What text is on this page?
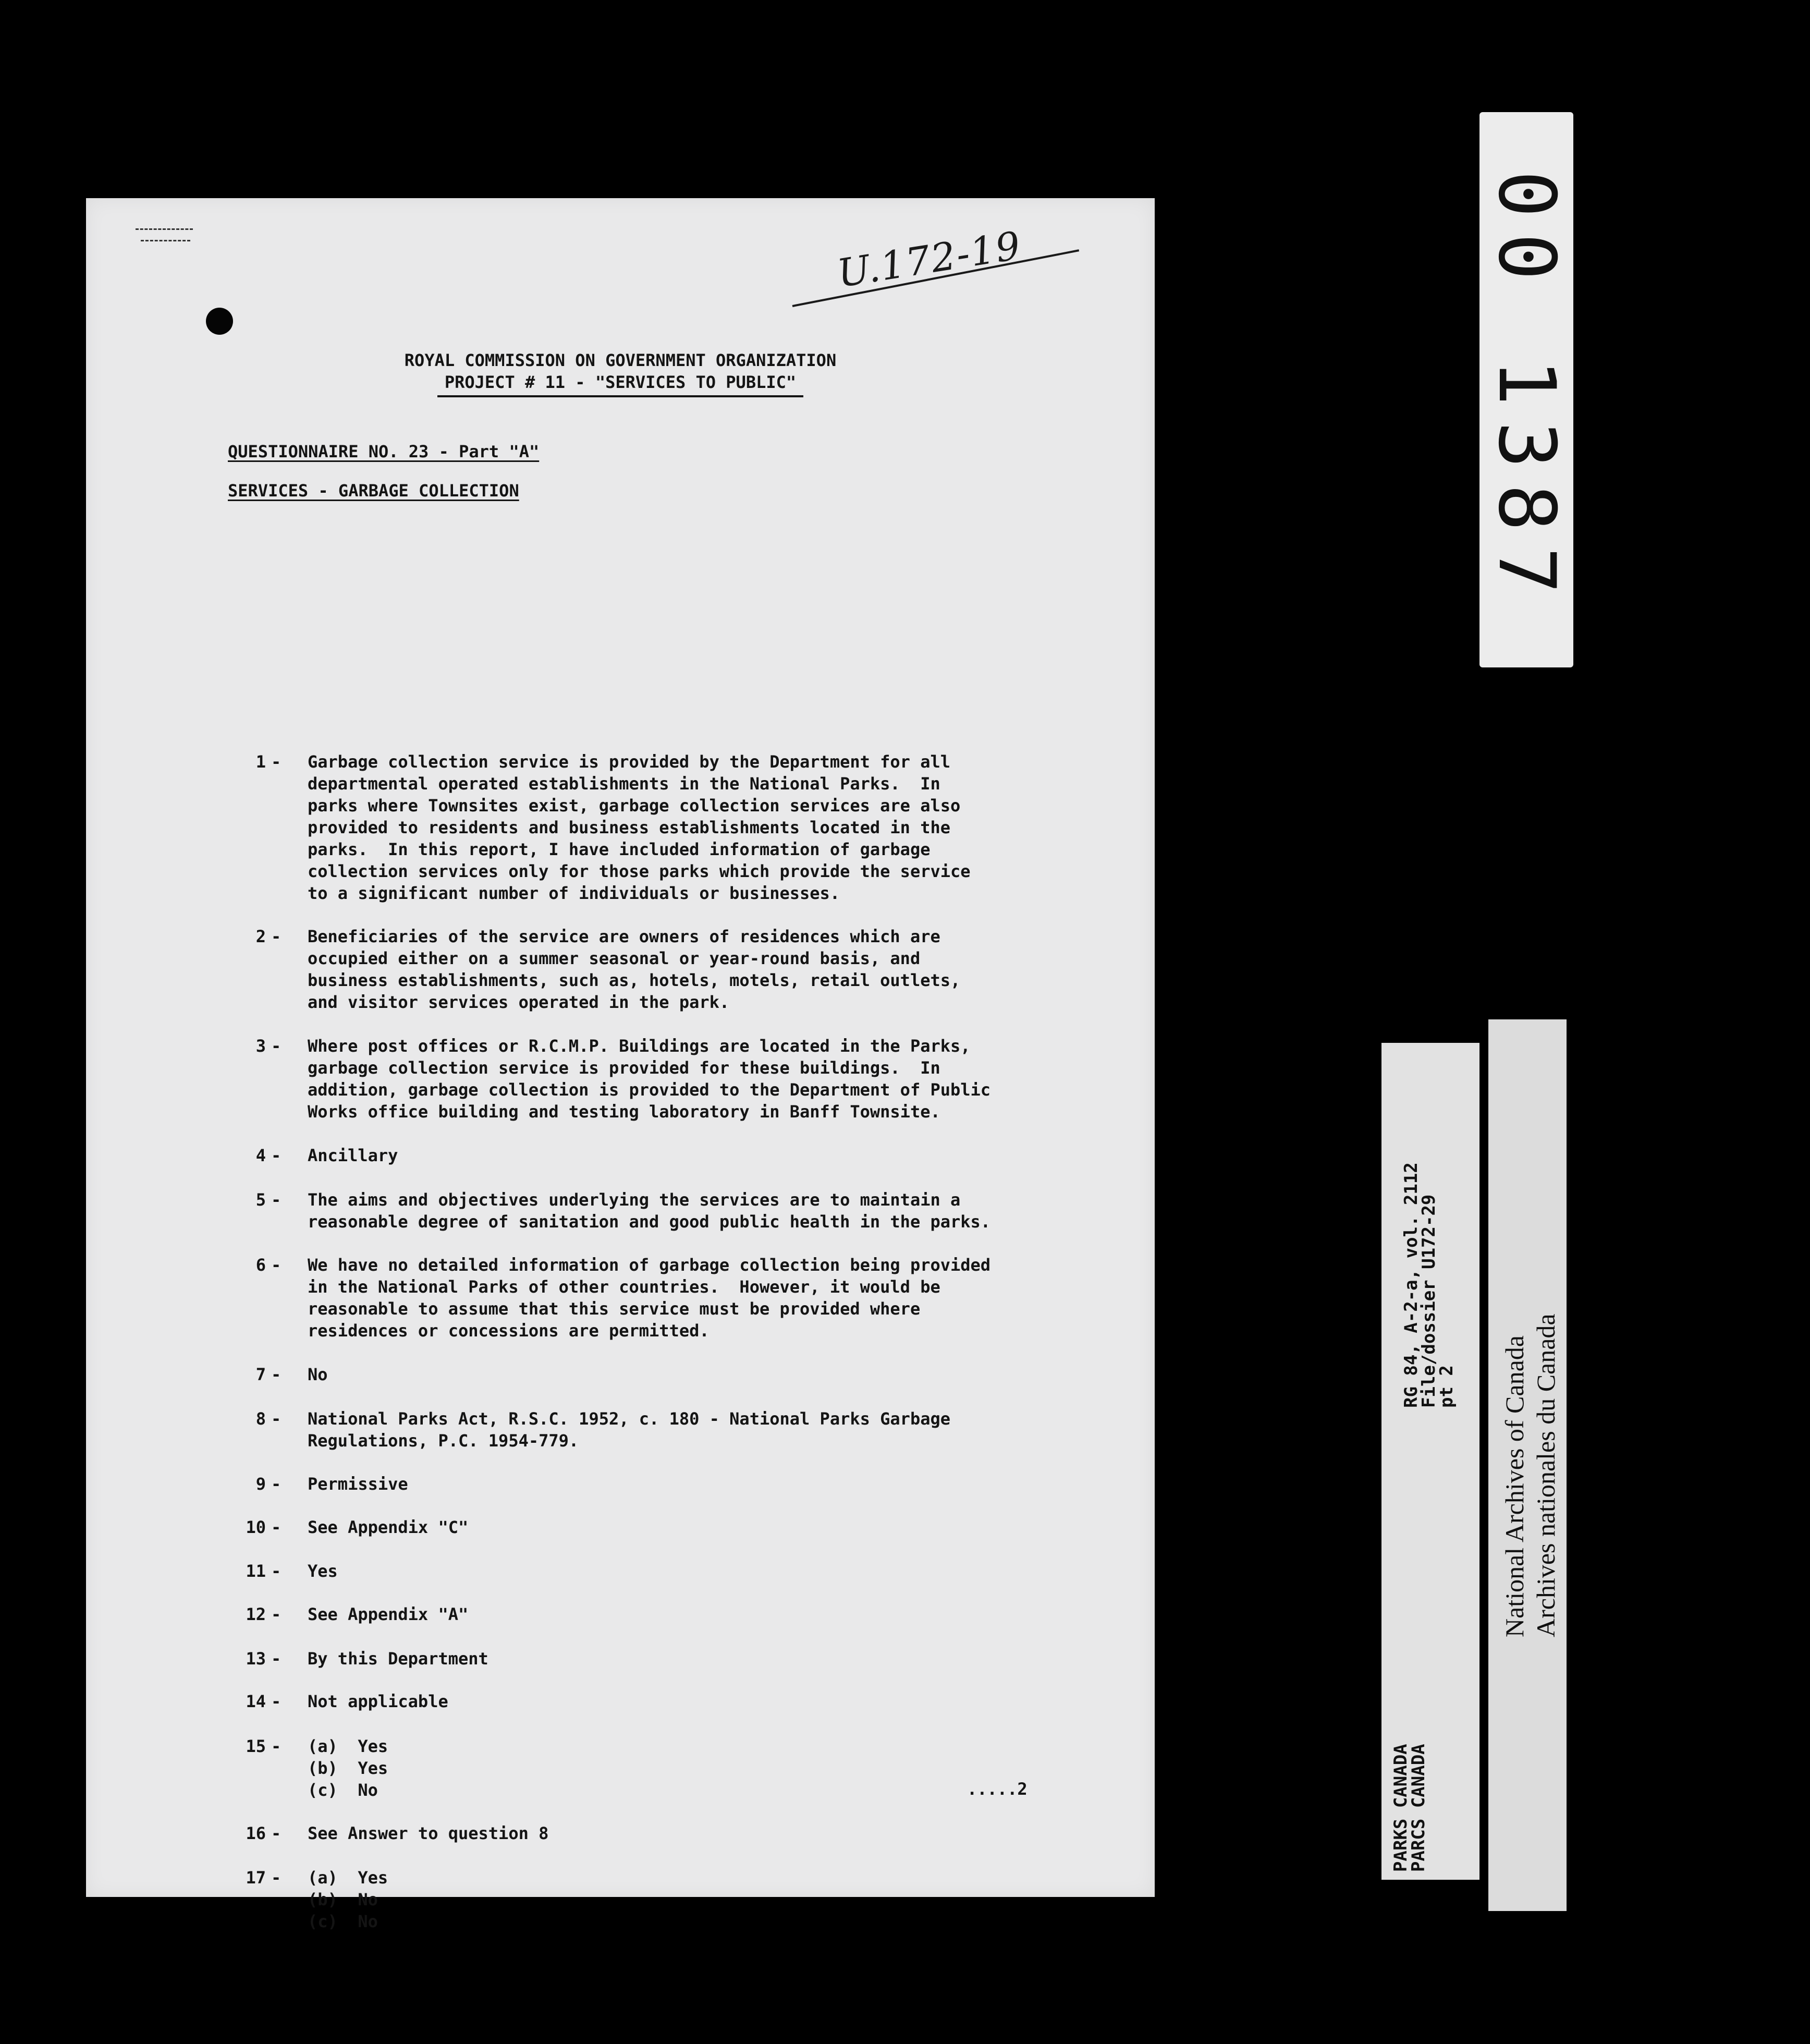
U.172-19
ROYAL COMMISSION ON GOVERNMENT ORGANIZATION
PROJECT # 11 - "SERVICES TO PUBLIC"
QUESTIONNAIRE NO. 23 - Part "A"
SERVICES - GARBAGE COLLECTION
1 - Garbage collection service is provided by the Department for all
departmental operated establishments in the National Parks.  In
parks where Townsites exist, garbage collection services are also
provided to residents and business establishments located in the
parks.  In this report, I have included information of garbage
collection services only for those parks which provide the service
to a significant number of individuals or businesses.
2 - Beneficiaries of the service are owners of residences which are
occupied either on a summer seasonal or year-round basis, and
business establishments, such as, hotels, motels, retail outlets,
and visitor services operated in the park.
3 - Where post offices or R.C.M.P. Buildings are located in the Parks,
garbage collection service is provided for these buildings.  In
addition, garbage collection is provided to the Department of Public
Works office building and testing laboratory in Banff Townsite.
4 - Ancillary
5 - The aims and objectives underlying the services are to maintain a
reasonable degree of sanitation and good public health in the parks.
6 - We have no detailed information of garbage collection being provided
in the National Parks of other countries.  However, it would be
reasonable to assume that this service must be provided where
residences or concessions are permitted.
7 - No
8 - National Parks Act, R.S.C. 1952, c. 180 - National Parks Garbage
Regulations, P.C. 1954-779.
9 - Permissive
10 - See Appendix "C"
11 - Yes
12 - See Appendix "A"
13 - By this Department
14 - Not applicable
15 - (a)  Yes
(b)  Yes
(c)  No
16 - See Answer to question 8
17 - (a)  Yes
(b)  No
(c)  No
.....2
00 1387
RG 84, A-2-a, vol. 2112
File/dossier U172-29
pt 2
PARKS CANADA
PARCS CANADA
National Archives of Canada Archives nationales du Canada
